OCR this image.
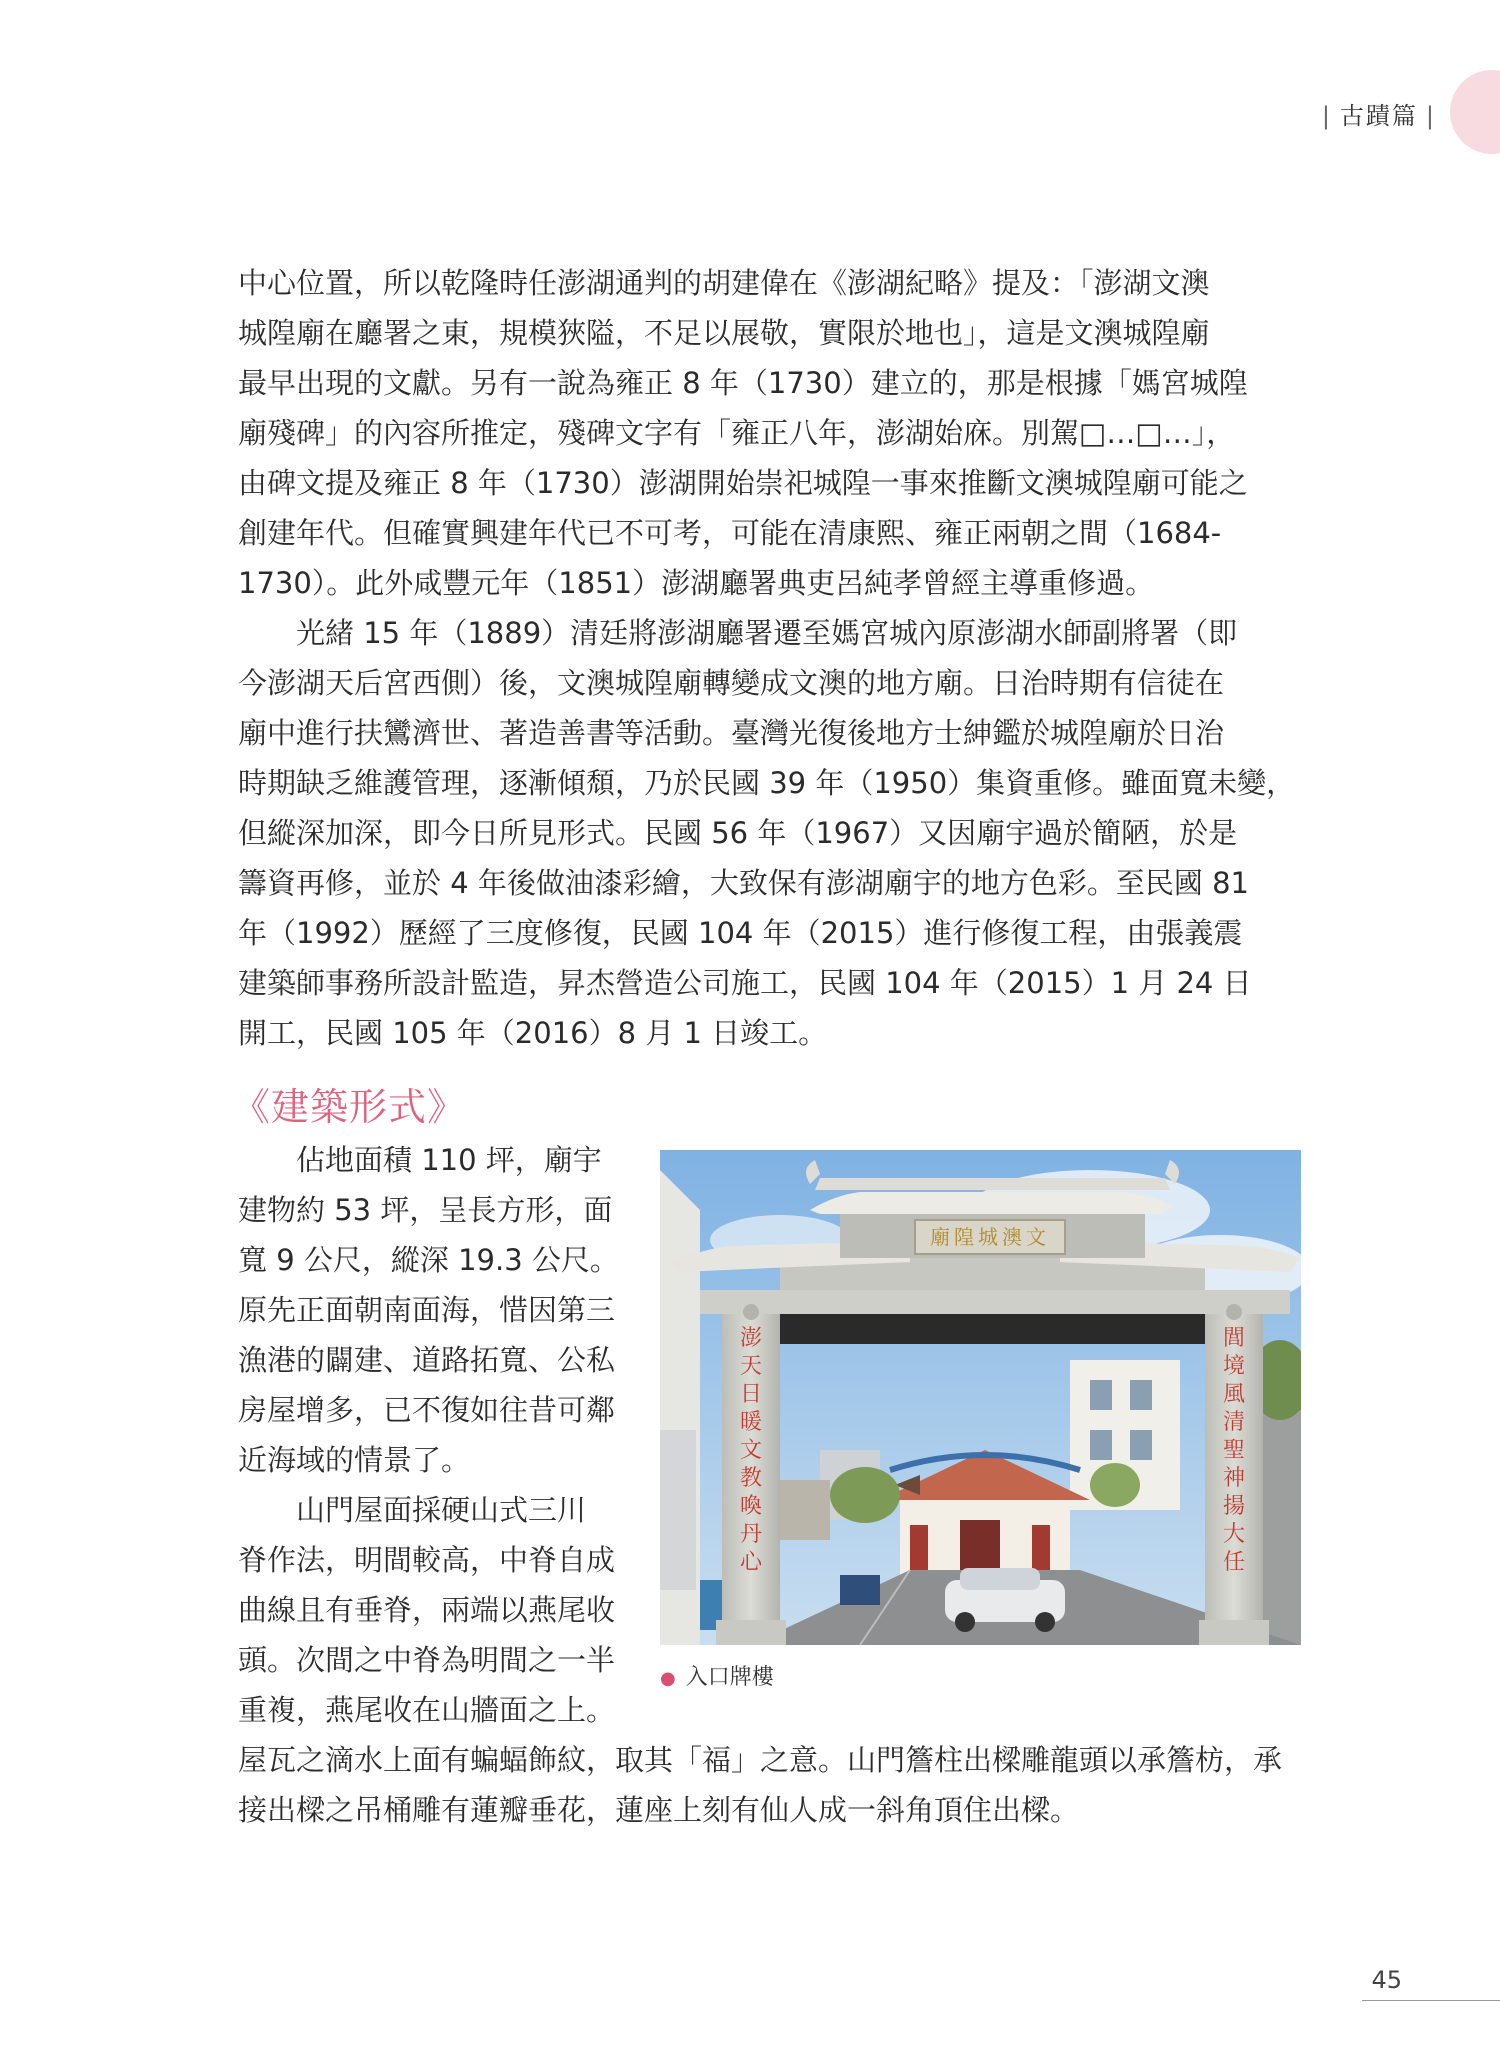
| 古蹟篇 |

中心位置，所以乾隆時任澎湖通判的胡建偉在《澎湖紀略》提及：「澎湖文澳
城隍廟在廳署之東，規模狹隘，不足以展敬，實限於地也」，這是文澳城隍廟
最早出現的文獻。另有一說為雍正 8 年（1730）建立的，那是根據「媽宮城隍
廟殘碑」的內容所推定，殘碑文字有「雍正八年，澎湖始庥。別駕□…□…」，
由碑文提及雍正 8 年（1730）澎湖開始崇祀城隍一事來推斷文澳城隍廟可能之
創建年代。但確實興建年代已不可考，可能在清康熙、雍正兩朝之間（1684-
1730）。此外咸豐元年（1851）澎湖廳署典吏呂純孝曾經主導重修過。

　　光緒 15 年（1889）清廷將澎湖廳署遷至媽宮城內原澎湖水師副將署（即
今澎湖天后宮西側）後，文澳城隍廟轉變成文澳的地方廟。日治時期有信徒在
廟中進行扶鸞濟世、著造善書等活動。臺灣光復後地方士紳鑑於城隍廟於日治
時期缺乏維護管理，逐漸傾頹，乃於民國 39 年（1950）集資重修。雖面寬未變，
但縱深加深，即今日所見形式。民國 56 年（1967）又因廟宇過於簡陋，於是
籌資再修，並於 4 年後做油漆彩繪，大致保有澎湖廟宇的地方色彩。至民國 81
年（1992）歷經了三度修復，民國 104 年（2015）進行修復工程，由張義震
建築師事務所設計監造，昇杰營造公司施工，民國 104 年（2015）1 月 24 日
開工，民國 105 年（2016）8 月 1 日竣工。

《建築形式》

　　佔地面積 110 坪，廟宇
建物約 53 坪，呈長方形，面
寬 9 公尺，縱深 19.3 公尺。
原先正面朝南面海，惜因第三
漁港的闢建、道路拓寬、公私
房屋增多，已不復如往昔可鄰
近海域的情景了。

　　山門屋面採硬山式三川
脊作法，明間較高，中脊自成
曲線且有垂脊，兩端以燕尾收
頭。次間之中脊為明間之一半
重複，燕尾收在山牆面之上。

屋瓦之滴水上面有蝙蝠飾紋，取其「福」之意。山門簷柱出樑雕龍頭以承簷枋，承
接出樑之吊桶雕有蓮瓣垂花，蓮座上刻有仙人成一斜角頂住出樑。

文澳城隍廟
澎
天
日
暖
文
教
喚
丹
心
閭
境
風
清
聖
神
揚
大
任
● 入口牌樓
45
